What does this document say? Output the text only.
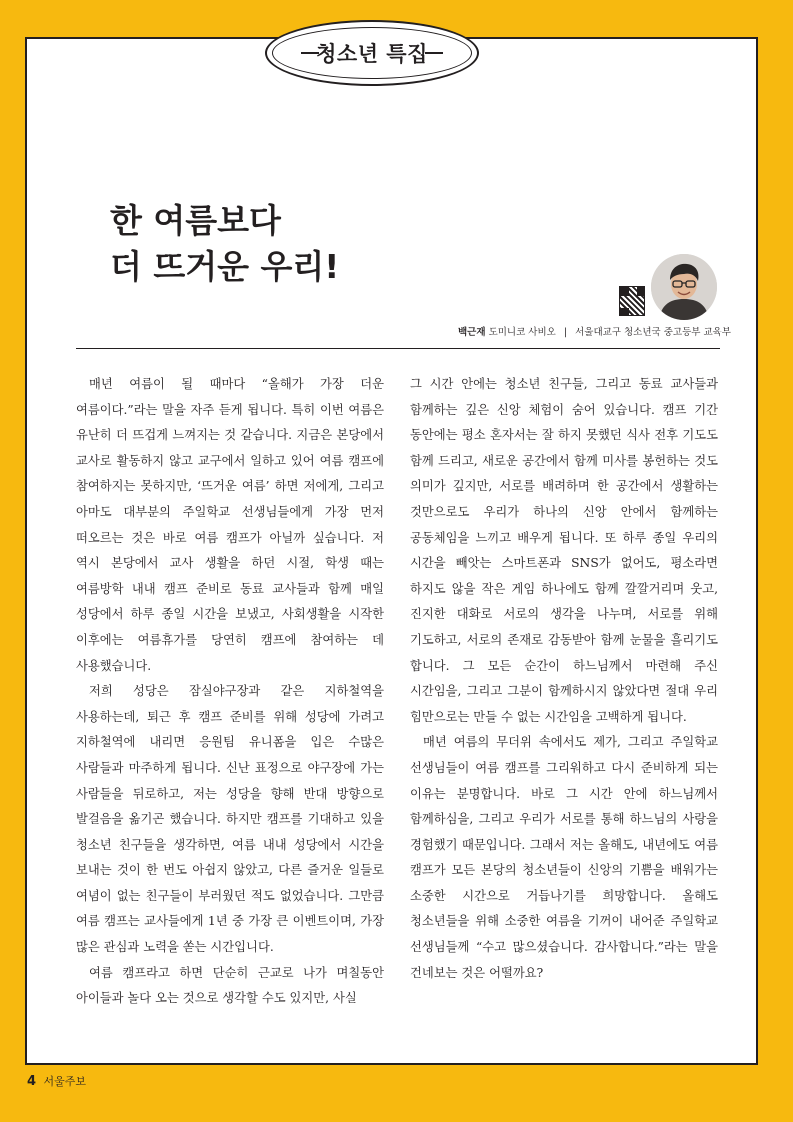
청소년 특집
한 여름보다
더 뜨거운 우리!
백근재 도미니코 사비오 | 서울대교구 청소년국 중고등부 교육부

매년 여름이 될 때마다 “올해가 가장 더운 여름이다.”라는 말을 자주 듣게 됩니다. 특히 이번 여름은 유난히 더 뜨겁게 느껴지는 것 같습니다. 지금은 본당에서 교사로 활동하지 않고 교구에서 일하고 있어 여름 캠프에 참여하지는 못하지만, ‘뜨거운 여름’ 하면 저에게, 그리고 아마도 대부분의 주일학교 선생님들에게 가장 먼저 떠오르는 것은 바로 여름 캠프가 아닐까 싶습니다. 저 역시 본당에서 교사 생활을 하던 시절, 학생 때는 여름방학 내내 캠프 준비로 동료 교사들과 함께 매일 성당에서 하루 종일 시간을 보냈고, 사회생활을 시작한 이후에는 여름휴가를 당연히 캠프에 참여하는 데 사용했습니다.

저희 성당은 잠실야구장과 같은 지하철역을 사용하는데, 퇴근 후 캠프 준비를 위해 성당에 가려고 지하철역에 내리면 응원팀 유니폼을 입은 수많은 사람들과 마주하게 됩니다. 신난 표정으로 야구장에 가는 사람들을 뒤로하고, 저는 성당을 향해 반대 방향으로 발걸음을 옮기곤 했습니다. 하지만 캠프를 기대하고 있을 청소년 친구들을 생각하면, 여름 내내 성당에서 시간을 보내는 것이 한 번도 아쉽지 않았고, 다른 즐거운 일들로 여념이 없는 친구들이 부러웠던 적도 없었습니다. 그만큼 여름 캠프는 교사들에게 1년 중 가장 큰 이벤트이며, 가장 많은 관심과 노력을 쏟는 시간입니다.

여름 캠프라고 하면 단순히 근교로 나가 며칠동안 아이들과 놀다 오는 것으로 생각할 수도 있지만, 사실

그 시간 안에는 청소년 친구들, 그리고 동료 교사들과 함께하는 깊은 신앙 체험이 숨어 있습니다. 캠프 기간 동안에는 평소 혼자서는 잘 하지 못했던 식사 전후 기도도 함께 드리고, 새로운 공간에서 함께 미사를 봉헌하는 것도 의미가 깊지만, 서로를 배려하며 한 공간에서 생활하는 것만으로도 우리가 하나의 신앙 안에서 함께하는 공동체임을 느끼고 배우게 됩니다. 또 하루 종일 우리의 시간을 빼앗는 스마트폰과 SNS가 없어도, 평소라면 하지도 않을 작은 게임 하나에도 함께 깔깔거리며 웃고, 진지한 대화로 서로의 생각을 나누며, 서로를 위해 기도하고, 서로의 존재로 감동받아 함께 눈물을 흘리기도 합니다. 그 모든 순간이 하느님께서 마련해 주신 시간임을, 그리고 그분이 함께하시지 않았다면 절대 우리 힘만으로는 만들 수 없는 시간임을 고백하게 됩니다.

매년 여름의 무더위 속에서도 제가, 그리고 주일학교 선생님들이 여름 캠프를 그리워하고 다시 준비하게 되는 이유는 분명합니다. 바로 그 시간 안에 하느님께서 함께하심을, 그리고 우리가 서로를 통해 하느님의 사랑을 경험했기 때문입니다. 그래서 저는 올해도, 내년에도 여름 캠프가 모든 본당의 청소년들이 신앙의 기쁨을 배워가는 소중한 시간으로 거듭나기를 희망합니다. 올해도 청소년들을 위해 소중한 여름을 기꺼이 내어준 주일학교 선생님들께 “수고 많으셨습니다. 감사합니다.”라는 말을 건네보는 것은 어떨까요?

4 서울주보
